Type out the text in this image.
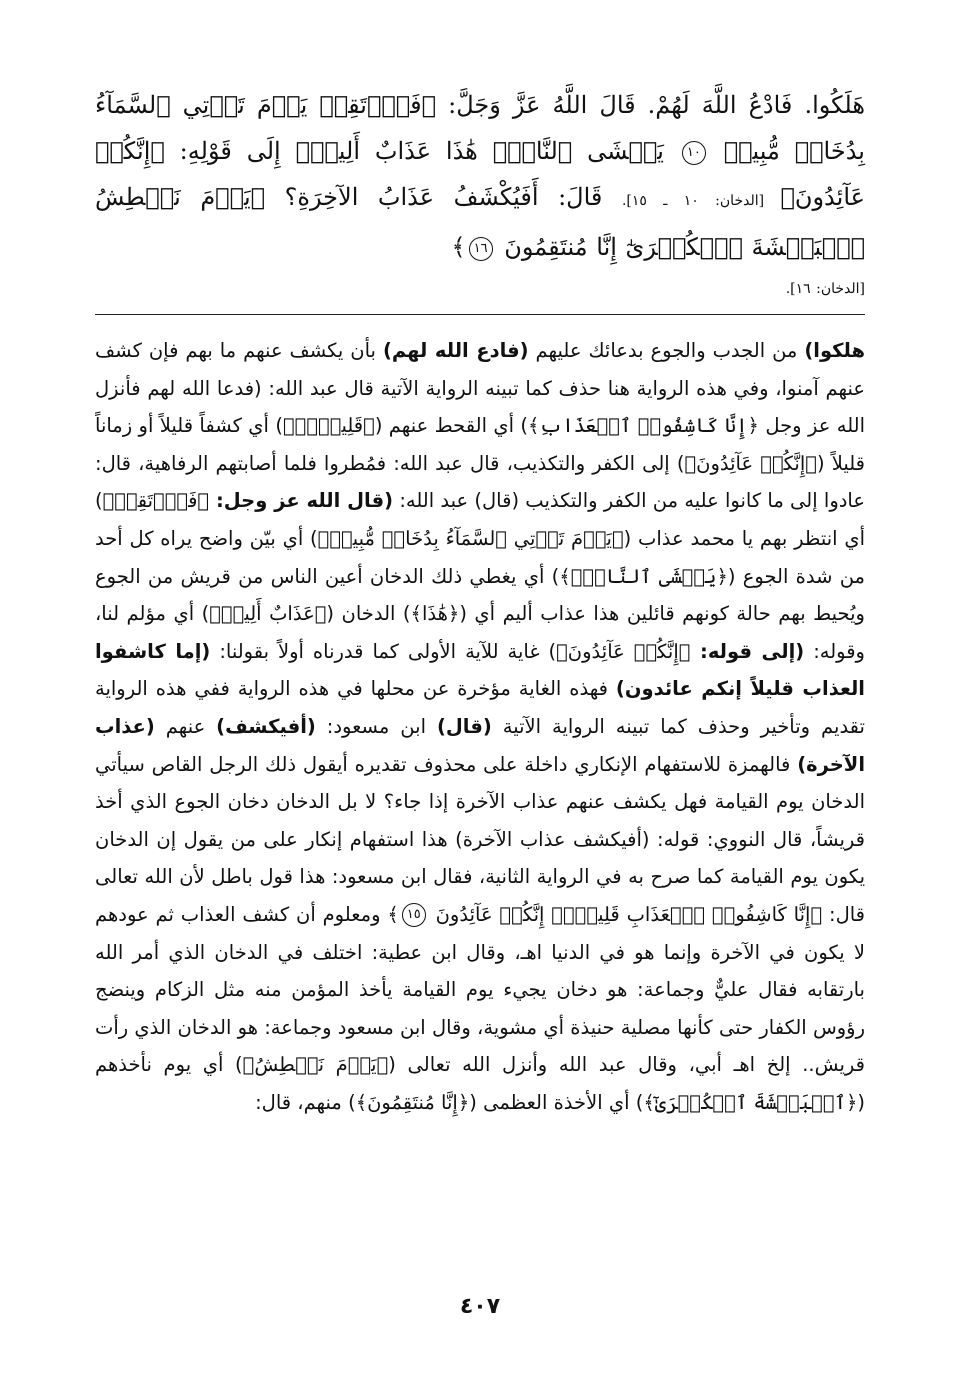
هَلَكُوا. فَادْعُ اللَّهَ لَهُمْ. قَالَ اللَّهُ عَزَّ وَجَلَّ: ﴿فَٱرۡتَقِبۡ يَوۡمَ تَأۡتِي ٱلسَّمَآءُ بِدُخَانٖ مُّبِينٖ ١٠ يَغۡشَى ٱلنَّاسَۖ هَٰذَا عَذَابٌ أَلِيمٞ﴾ إِلَى قَوْلِهِ: ﴿إِنَّكُمۡ عَآئِدُونَ﴾ [الدخان: ١٠ ـ ١٥]. قَالَ: أَفَيُكْشَفُ عَذَابُ الآخِرَةِ؟ ﴿يَوۡمَ نَبۡطِشُ ٱلۡبَطۡشَةَ ٱلۡكُبۡرَىٰٓ إِنَّا مُنتَقِمُونَ ١٦﴾

[الدخان: ١٦].

هلكوا) من الجدب والجوع بدعائك عليهم (فادع الله لهم) بأن يكشف عنهم ما بهم فإن كشف عنهم آمنوا، وفي هذه الرواية هنا حذف كما تبينه الرواية الآتية قال عبد الله: (فدعا الله لهم فأنزل الله عز وجل ﴿إِنَّا كَاشِفُوا۟ ٱلۡعَذَابِ﴾) أي القحط عنهم (﴿قَلِيلًاۚ﴾) أي كشفاً قليلاً أو زماناً قليلاً (﴿إِنَّكُمۡ عَآئِدُونَ﴾) إلى الكفر والتكذيب، قال عبد الله: فمُطروا فلما أصابتهم الرفاهية، قال: عادوا إلى ما كانوا عليه من الكفر والتكذيب (قال) عبد الله: (قال الله عز وجل: ﴿فَٱرۡتَقِبۡ﴾) أي انتظر بهم يا محمد عذاب (﴿يَوۡمَ تَأۡتِي ٱلسَّمَآءُ بِدُخَانٖ مُّبِينٖ﴾) أي بيّن واضح يراه كل أحد من شدة الجوع (﴿يَغۡشَى ٱلنَّاسَۖ﴾) أي يغطي ذلك الدخان أعين الناس من قريش من الجوع ويُحيط بهم حالة كونهم قائلين هذا عذاب أليم أي (﴿هَٰذَا﴾) الدخان (﴿عَذَابٌ أَلِيمٞ﴾) أي مؤلم لنا، وقوله: (إلى قوله: ﴿إِنَّكُمۡ عَآئِدُونَ﴾) غاية للآية الأولى كما قدرناه أولاً بقولنا: (إما كاشفوا العذاب قليلاً إنكم عائدون) فهذه الغاية مؤخرة عن محلها في هذه الرواية ففي هذه الرواية تقديم وتأخير وحذف كما تبينه الرواية الآتية (قال) ابن مسعود: (أفيكشف) عنهم (عذاب الآخرة) فالهمزة للاستفهام الإنكاري داخلة على محذوف تقديره أيقول ذلك الرجل القاص سيأتي الدخان يوم القيامة فهل يكشف عنهم عذاب الآخرة إذا جاء؟ لا بل الدخان دخان الجوع الذي أخذ قريشاً، قال النووي: قوله: (أفيكشف عذاب الآخرة) هذا استفهام إنكار على من يقول إن الدخان يكون يوم القيامة كما صرح به في الرواية الثانية، فقال ابن مسعود: هذا قول باطل لأن الله تعالى قال: ﴿إِنَّا كَاشِفُوا۟ ٱلۡعَذَابِ قَلِيلًاۚ إِنَّكُمۡ عَآئِدُونَ ١٥﴾ ومعلوم أن كشف العذاب ثم عودهم لا يكون في الآخرة وإنما هو في الدنيا اهـ، وقال ابن عطية: اختلف في الدخان الذي أمر الله بارتقابه فقال عليٌّ وجماعة: هو دخان يجيء يوم القيامة يأخذ المؤمن منه مثل الزكام وينضج رؤوس الكفار حتى كأنها مصلية حنيذة أي مشوية، وقال ابن مسعود وجماعة: هو الدخان الذي رأت قريش.. إلخ اهـ أبي، وقال عبد الله وأنزل الله تعالى (﴿يَوۡمَ نَبۡطِشُ﴾) أي يوم نأخذهم (﴿ٱلۡبَطۡشَةَ ٱلۡكُبۡرَىٰٓ﴾) أي الأخذة العظمى (﴿إِنَّا مُنتَقِمُونَ﴾) منهم، قال:

٤٠٧
